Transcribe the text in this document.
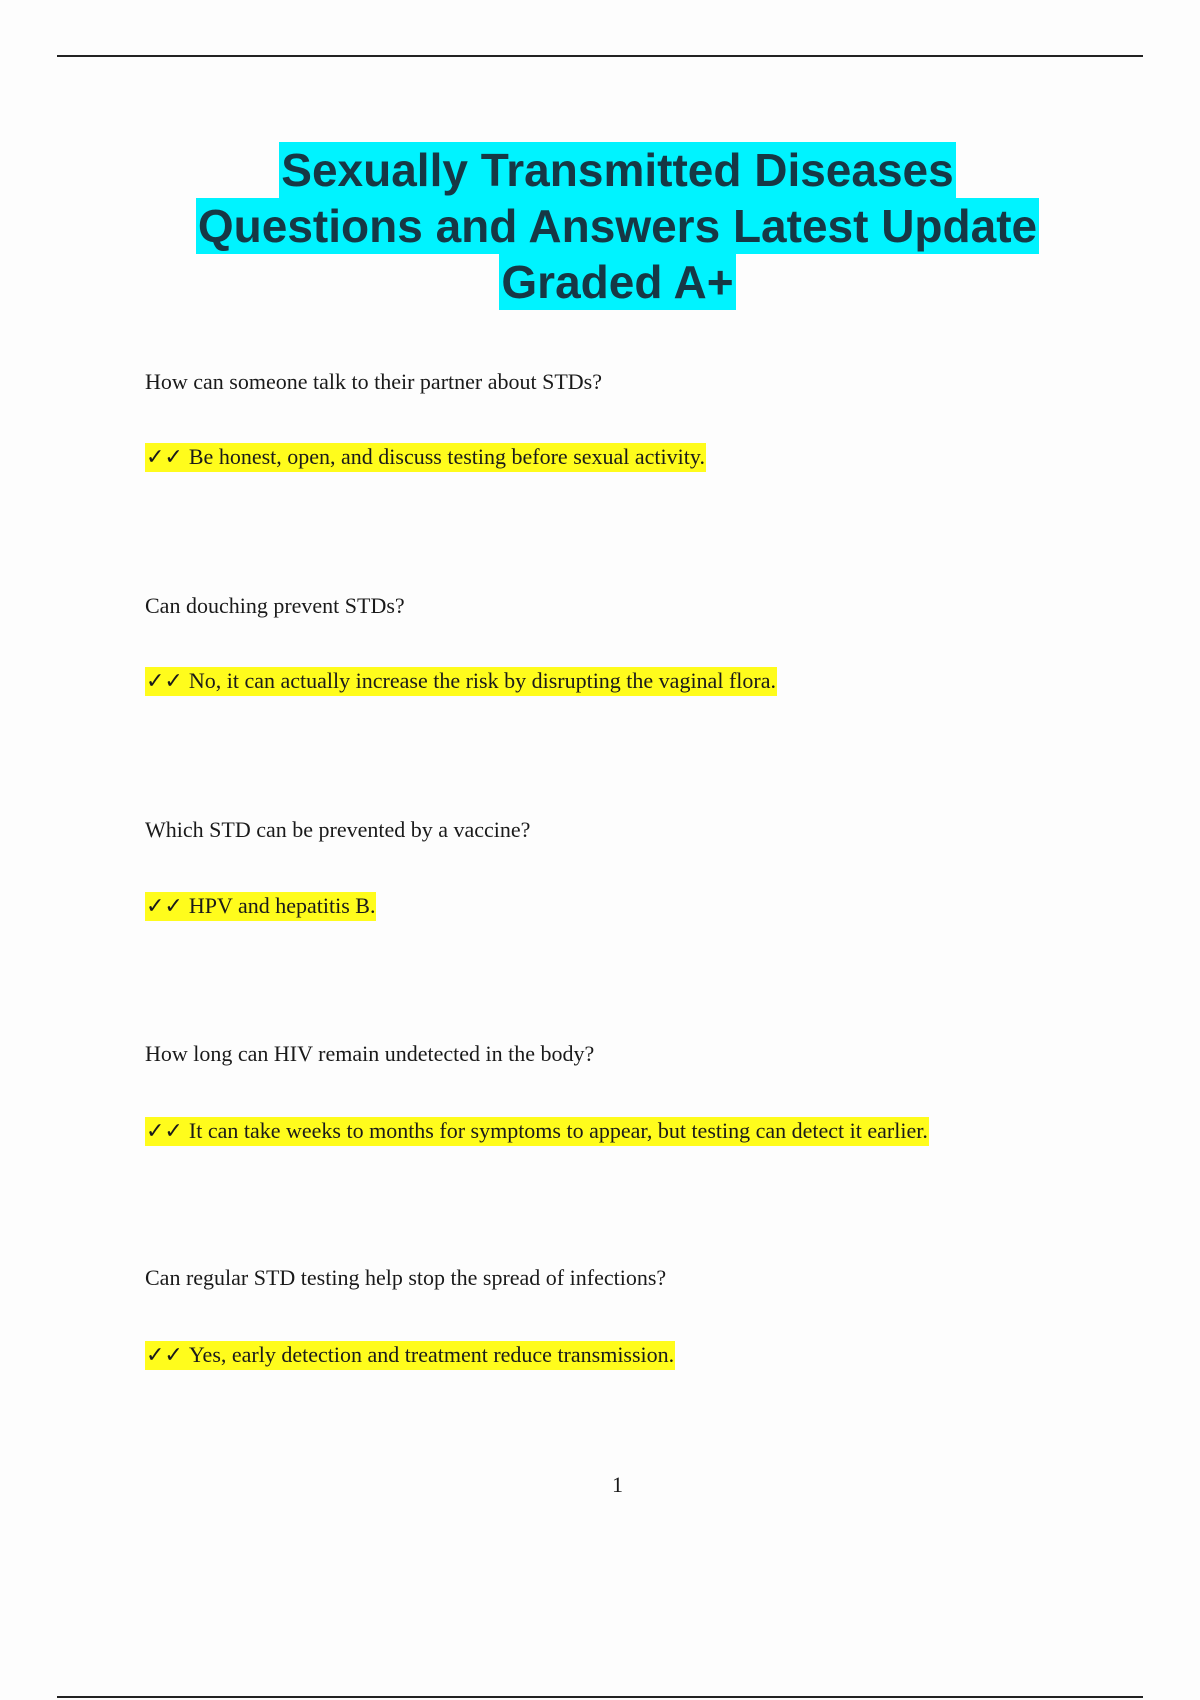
Sexually Transmitted Diseases
Questions and Answers Latest Update
Graded A+
How can someone talk to their partner about STDs?
✓✓ Be honest, open, and discuss testing before sexual activity.
Can douching prevent STDs?
✓✓ No, it can actually increase the risk by disrupting the vaginal flora.
Which STD can be prevented by a vaccine?
✓✓ HPV and hepatitis B.
How long can HIV remain undetected in the body?
✓✓ It can take weeks to months for symptoms to appear, but testing can detect it earlier.
Can regular STD testing help stop the spread of infections?
✓✓ Yes, early detection and treatment reduce transmission.
1
